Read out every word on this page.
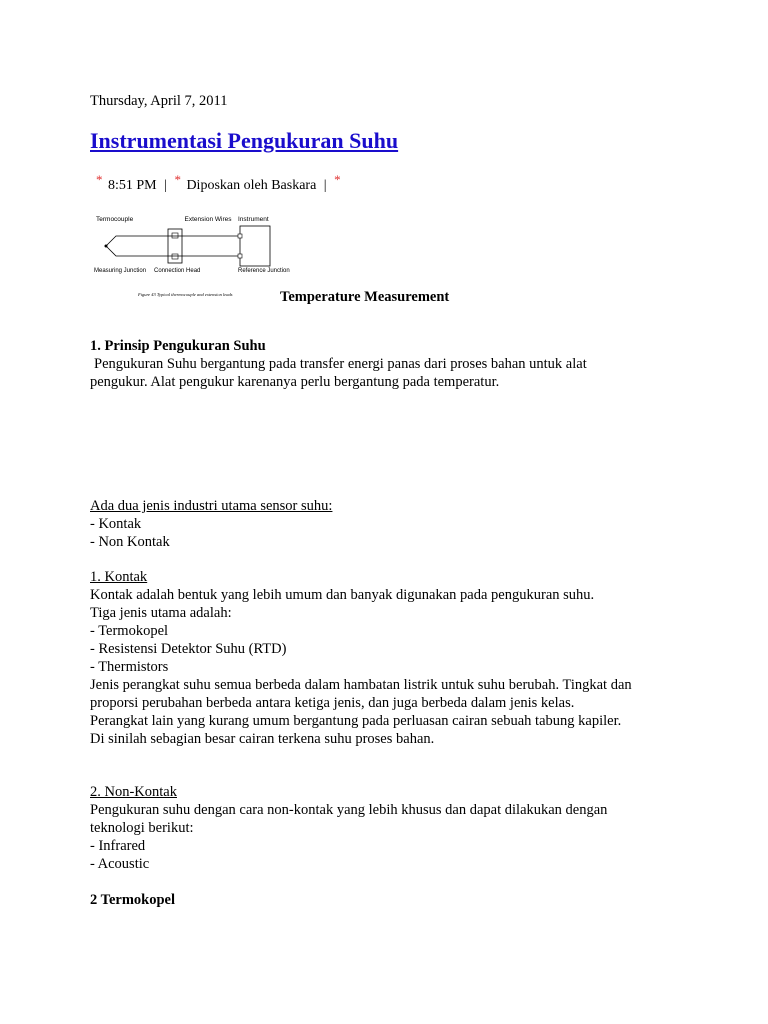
Thursday, April 7, 2011
Instrumentasi Pengukuran Suhu
* 8:51 PM | * Diposkan oleh Baskara | *
Termocouple	Extension Wires Instrument
Measuring Junction Connection Head	Reference Junction
Figure 43 Typical thermocouple and extension leads	Temperature Measurement
1. Prinsip Pengukuran Suhu
Pengukuran Suhu bergantung pada transfer energi panas dari proses bahan untuk alat
pengukur. Alat pengukur karenanya perlu bergantung pada temperatur.
Ada dua jenis industri utama sensor suhu:
- Kontak
- Non Kontak
1. Kontak
Kontak adalah bentuk yang lebih umum dan banyak digunakan pada pengukuran suhu.
Tiga jenis utama adalah:
- Termokopel
- Resistensi Detektor Suhu (RTD)
- Thermistors
Jenis perangkat suhu semua berbeda dalam hambatan listrik untuk suhu berubah. Tingkat dan
proporsi perubahan berbeda antara ketiga jenis, dan juga berbeda dalam jenis kelas.
Perangkat lain yang kurang umum bergantung pada perluasan cairan sebuah tabung kapiler.
Di sinilah sebagian besar cairan terkena suhu proses bahan.
2. Non-Kontak
Pengukuran suhu dengan cara non-kontak yang lebih khusus dan dapat dilakukan dengan
teknologi berikut:
- Infrared
- Acoustic
2 Termokopel
